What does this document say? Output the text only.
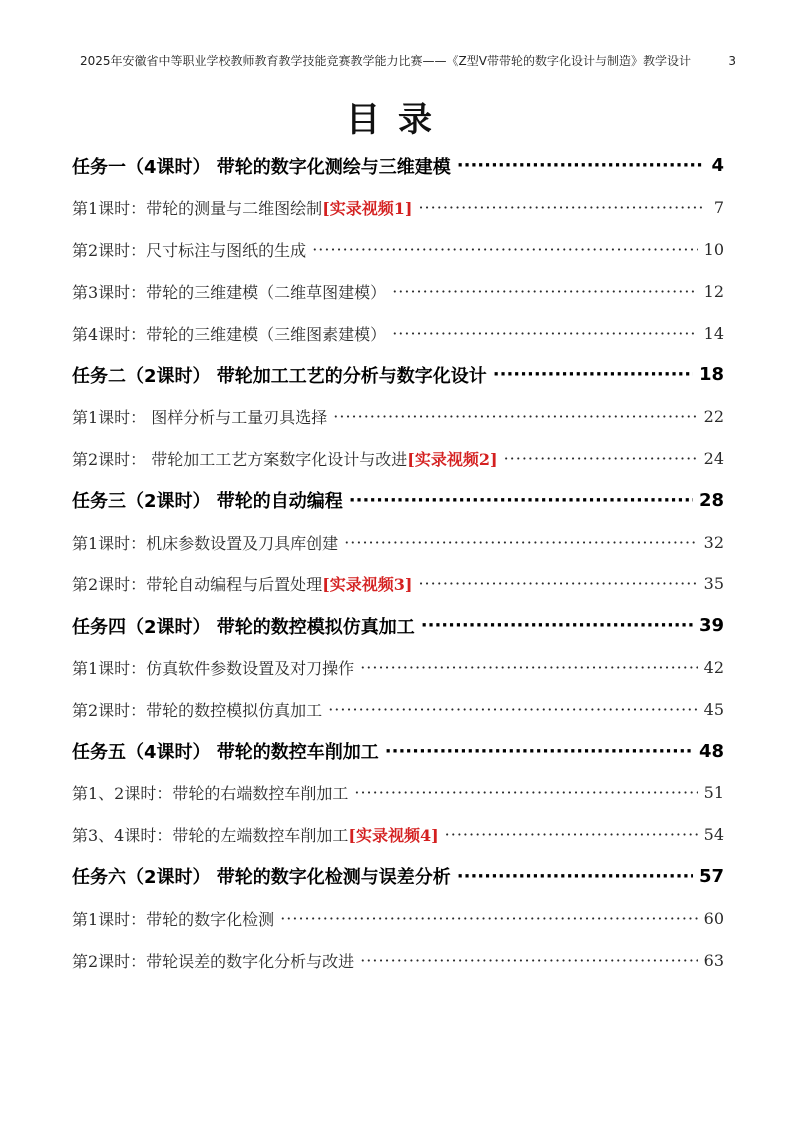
2025年安徽省中等职业学校教师教育教学技能竞赛教学能力比赛——《Z型V带带轮的数字化设计与制造》教学设计	3
目录
任务一（4课时） 带轮的数字化测绘与三维建模 ·····	4
第1课时：带轮的测量与二维图绘制[实录视频1] ·····	7
第2课时：尺寸标注与图纸的生成 ·····	10
第3课时：带轮的三维建模（二维草图建模） ·····	12
第4课时：带轮的三维建模（三维图素建模） ·····	14
任务二（2课时） 带轮加工工艺的分析与数字化设计 ·····	18
第1课时： 图样分析与工量刃具选择 ·····	22
第2课时： 带轮加工工艺方案数字化设计与改进[实录视频2] ·····	24
任务三（2课时） 带轮的自动编程 ·····	28
第1课时：机床参数设置及刀具库创建 ·····	32
第2课时：带轮自动编程与后置处理[实录视频3] ·····	35
任务四（2课时） 带轮的数控模拟仿真加工 ·····	39
第1课时：仿真软件参数设置及对刀操作 ·····	42
第2课时：带轮的数控模拟仿真加工 ·····	45
任务五（4课时） 带轮的数控车削加工 ·····	48
第1、2课时：带轮的右端数控车削加工 ·····	51
第3、4课时：带轮的左端数控车削加工[实录视频4] ·····	54
任务六（2课时） 带轮的数字化检测与误差分析 ·····	57
第1课时：带轮的数字化检测 ·····	60
第2课时：带轮误差的数字化分析与改进 ·····	63
